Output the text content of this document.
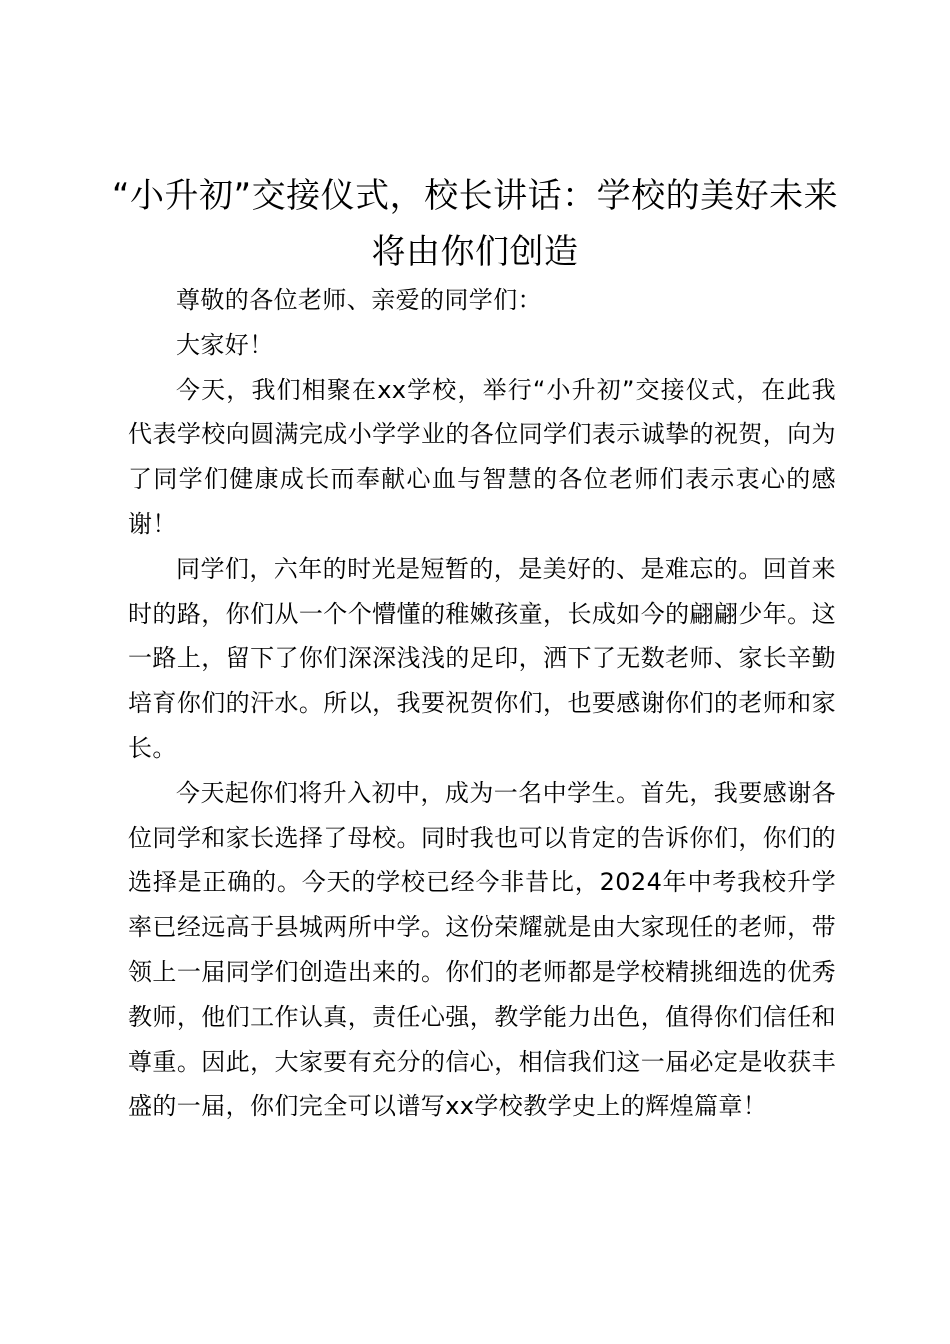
“小升初”交接仪式，校长讲话：学校的美好未来将由你们创造

尊敬的各位老师、亲爱的同学们：

大家好！

今天，我们相聚在xx学校，举行“小升初”交接仪式，在此我代表学校向圆满完成小学学业的各位同学们表示诚挚的祝贺，向为了同学们健康成长而奉献心血与智慧的各位老师们表示衷心的感谢！

同学们，六年的时光是短暂的，是美好的、是难忘的。回首来时的路，你们从一个个懵懂的稚嫩孩童，长成如今的翩翩少年。这一路上，留下了你们深深浅浅的足印，洒下了无数老师、家长辛勤培育你们的汗水。所以，我要祝贺你们，也要感谢你们的老师和家长。

今天起你们将升入初中，成为一名中学生。首先，我要感谢各位同学和家长选择了母校。同时我也可以肯定的告诉你们，你们的选择是正确的。今天的学校已经今非昔比，2024年中考我校升学率已经远高于县城两所中学。这份荣耀就是由大家现任的老师，带领上一届同学们创造出来的。你们的老师都是学校精挑细选的优秀教师，他们工作认真，责任心强，教学能力出色，值得你们信任和尊重。因此，大家要有充分的信心，相信我们这一届必定是收获丰盛的一届，你们完全可以谱写xx学校教学史上的辉煌篇章！
